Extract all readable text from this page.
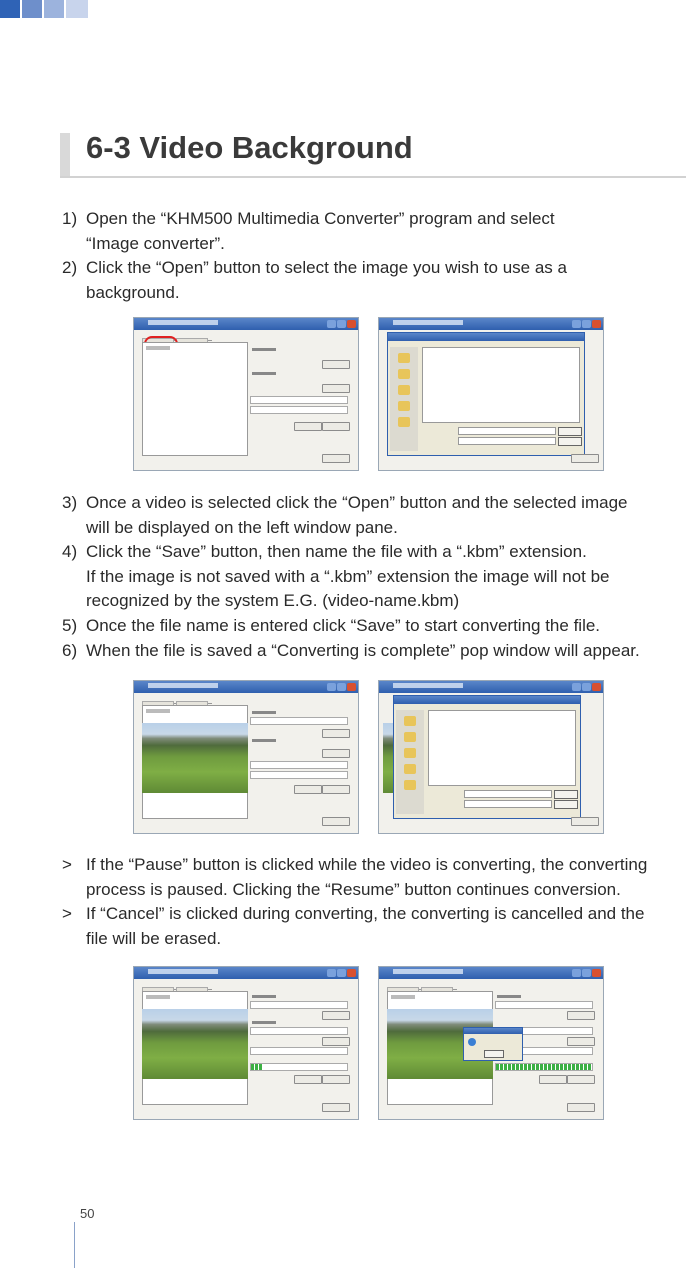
6-3 Video Background

1) Open the “KHM500 Multimedia Converter” program and select

“Image converter”.

2) Click the “Open” button to select the image you wish to use as a

background.

3) Once a video is selected click the “Open” button and the selected image

will be displayed on the left window pane.

4) Click the “Save” button, then name the file with a “.kbm” extension.

If the image is not saved with a “.kbm” extension the image will not be

recognized by the system E.G. (video-name.kbm)

5) Once the file name is entered click “Save” to start converting the file.

6) When the file is saved a “Converting is complete” pop window will appear.

> If the “Pause” button is clicked while the video is converting, the converting

process is paused. Clicking the “Resume” button continues conversion.

> If “Cancel” is clicked during converting, the converting is cancelled and the

file will be erased.

50
